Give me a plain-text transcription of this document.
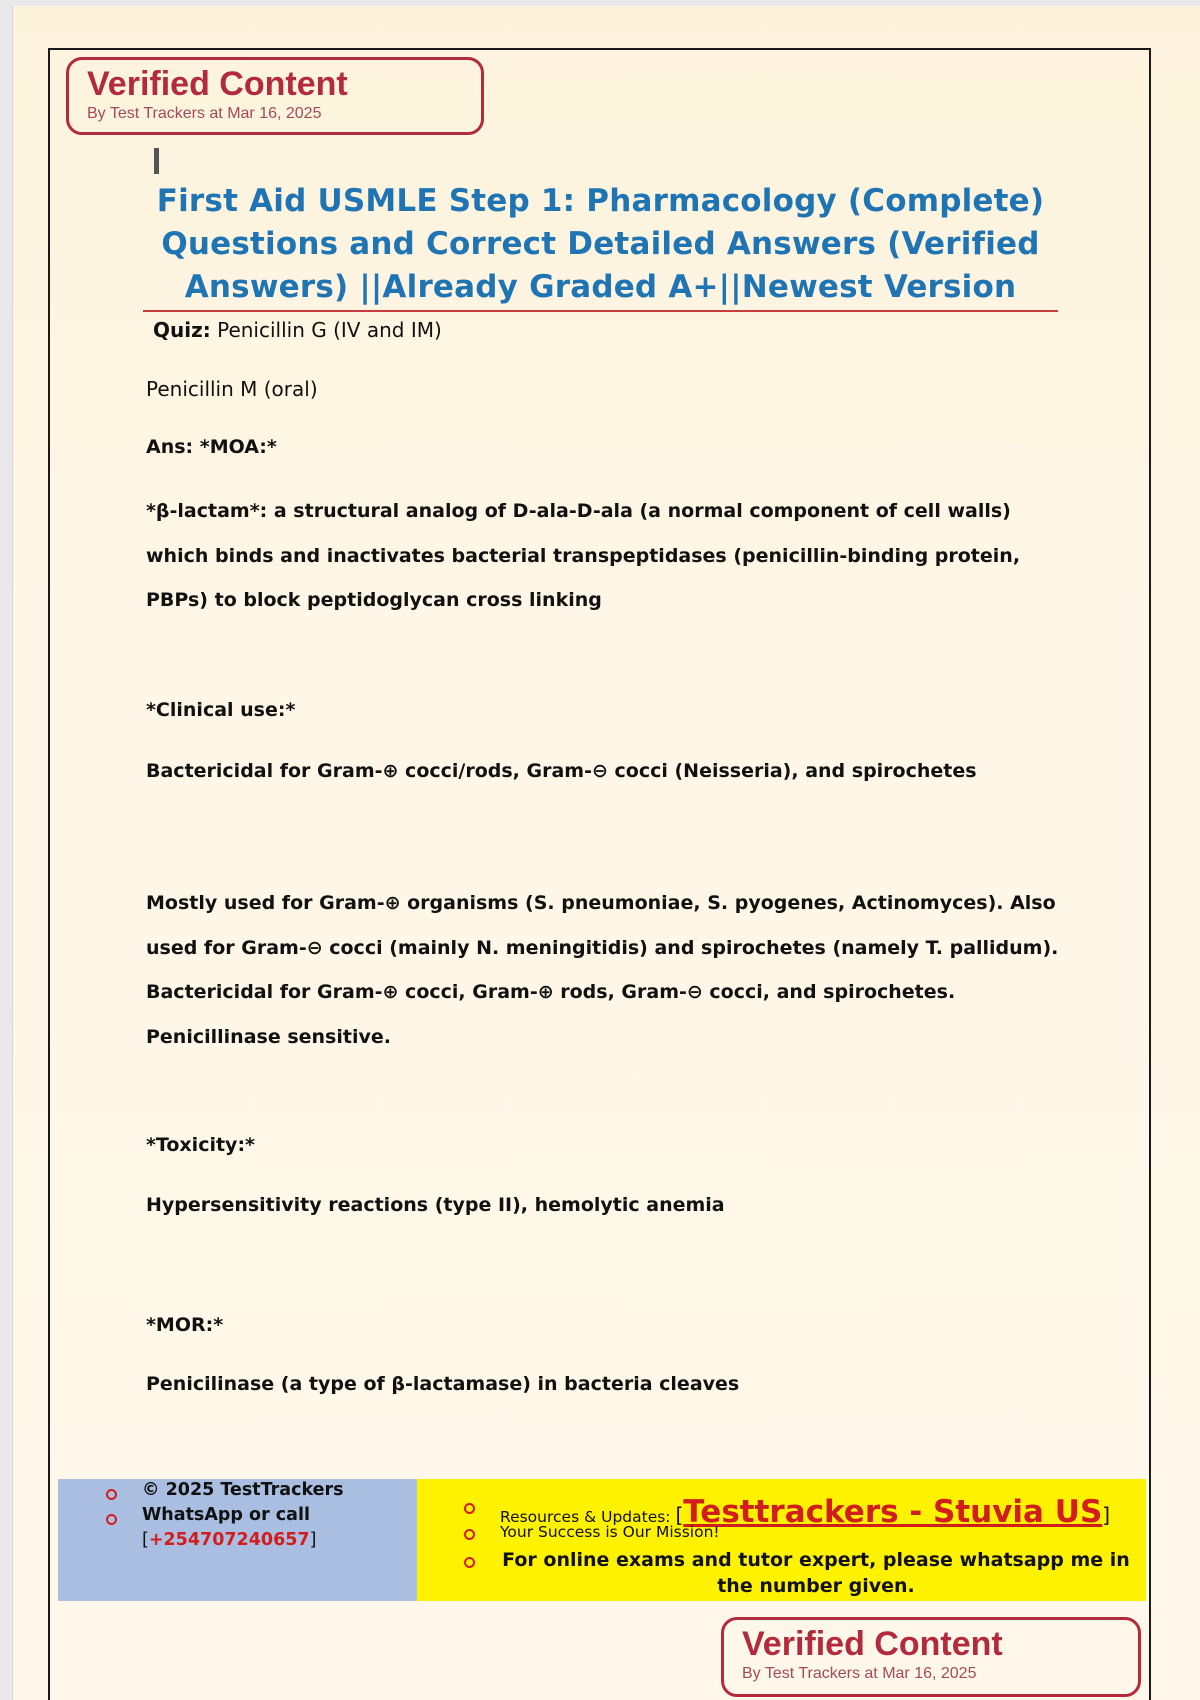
Verified Content
By Test Trackers at Mar 16, 2025
First Aid USMLE Step 1: Pharmacology (Complete) Questions and Correct Detailed Answers (Verified Answers) ||Already Graded A+||Newest Version
Quiz: Penicillin G (IV and IM)
Penicillin M (oral)
Ans: *MOA:*
*β-lactam*: a structural analog of D-ala-D-ala (a normal component of cell walls) which binds and inactivates bacterial transpeptidases (penicillin-binding protein, PBPs) to block peptidoglycan cross linking
*Clinical use:*
Bactericidal for Gram-⊕ cocci/rods, Gram-⊖ cocci (Neisseria), and spirochetes
Mostly used for Gram-⊕ organisms (S. pneumoniae, S. pyogenes, Actinomyces). Also used for Gram-⊖ cocci (mainly N. meningitidis) and spirochetes (namely T. pallidum). Bactericidal for Gram-⊕ cocci, Gram-⊕ rods, Gram-⊖ cocci, and spirochetes. Penicillinase sensitive.
*Toxicity:*
Hypersensitivity reactions (type II), hemolytic anemia
*MOR:*
Penicilinase (a type of β-lactamase) in bacteria cleaves
© 2025 TestTrackers
WhatsApp or call
[+254707240657]
Resources & Updates: [Testtrackers - Stuvia US]
Your Success is Our Mission!
For online exams and tutor expert, please whatsapp me in the number given.
Verified Content
By Test Trackers at Mar 16, 2025
